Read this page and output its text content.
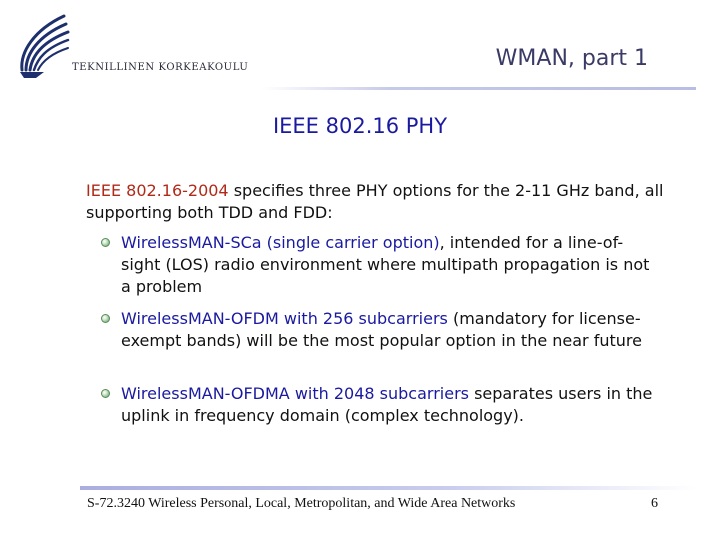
TEKNILLINEN KORKEAKOULU	WMAN, part 1
IEEE 802.16 PHY
IEEE 802.16-2004 specifies three PHY options for the 2-11 GHz band, all supporting both TDD and FDD:
WirelessMAN-SCa (single carrier option), intended for a line-of-sight (LOS) radio environment where multipath propagation is not a problem
WirelessMAN-OFDM with 256 subcarriers (mandatory for license-exempt bands) will be the most popular option in the near future
WirelessMAN-OFDMA with 2048 subcarriers separates users in the uplink in frequency domain (complex technology).
S-72.3240 Wireless Personal, Local, Metropolitan, and Wide Area Networks	6
